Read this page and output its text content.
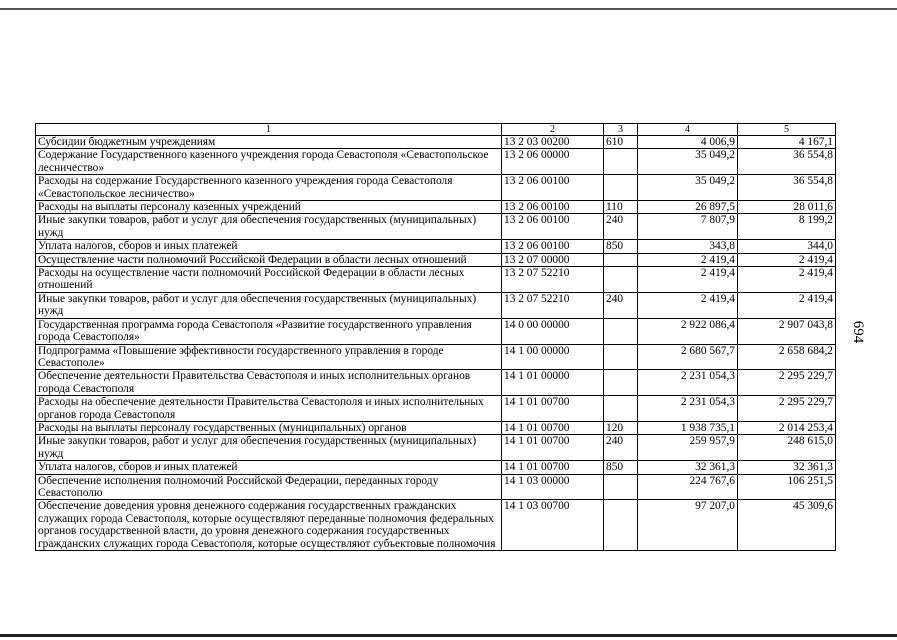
1	2	3	4	5
Субсидии бюджетным учреждениям	13 2 03 00200	610	4 006,9	4 167,1
Содержание Государственного казенного учреждения города Севастополя «Севастопольское лесничество»	13 2 06 00000		35 049,2	36 554,8
Расходы на содержание Государственного казенного учреждения города Севастополя «Севастопольское лесничество»	13 2 06 00100		35 049,2	36 554,8
Расходы на выплаты персоналу казенных учреждений	13 2 06 00100	110	26 897,5	28 011,6
Иные закупки товаров, работ и услуг для обеспечения государственных (муниципальных) нужд	13 2 06 00100	240	7 807,9	8 199,2
Уплата налогов, сборов и иных платежей	13 2 06 00100	850	343,8	344,0
Осуществление части полномочий Российской Федерации в области лесных отношений	13 2 07 00000		2 419,4	2 419,4
Расходы на осуществление части полномочий Российской Федерации в области лесных отношений	13 2 07 52210		2 419,4	2 419,4
Иные закупки товаров, работ и услуг для обеспечения государственных (муниципальных) нужд	13 2 07 52210	240	2 419,4	2 419,4
Государственная программа города Севастополя «Развитие государственного управления города Севастополя»	14 0 00 00000		2 922 086,4	2 907 043,8
Подпрограмма «Повышение эффективности государственного управления в городе Севастополе»	14 1 00 00000		2 680 567,7	2 658 684,2
Обеспечение деятельности Правительства Севастополя и иных исполнительных органов города Севастополя	14 1 01 00000		2 231 054,3	2 295 229,7
Расходы на обеспечение деятельности Правительства Севастополя и иных исполнительных органов города Севастополя	14 1 01 00700		2 231 054,3	2 295 229,7
Расходы на выплаты персоналу государственных (муниципальных) органов	14 1 01 00700	120	1 938 735,1	2 014 253,4
Иные закупки товаров, работ и услуг для обеспечения государственных (муниципальных) нужд	14 1 01 00700	240	259 957,9	248 615,0
Уплата налогов, сборов и иных платежей	14 1 01 00700	850	32 361,3	32 361,3
Обеспечение исполнения полномочий Российской Федерации, переданных городу Севастополю	14 1 03 00000		224 767,6	106 251,5
Обеспечение доведения уровня денежного содержания государственных гражданских служащих города Севастополя, которые осуществляют переданные полномочия федеральных органов государственной власти, до уровня денежного содержания государственных гражданских служащих города Севастополя, которые осуществляют субъектовые полномочия	14 1 03 00700		97 207,0	45 309,6
694
